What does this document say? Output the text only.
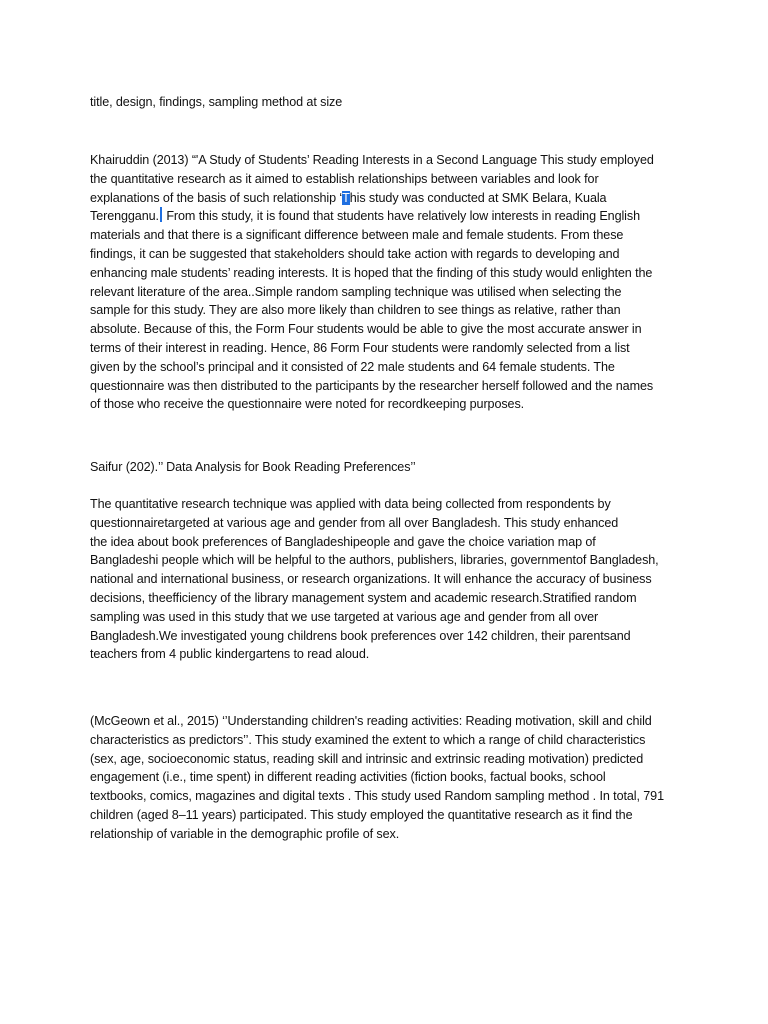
title, design, findings, sampling method at size

Khairuddin (2013) “'A Study of Students’ Reading Interests in a Second Language This study employed
the quantitative research as it aimed to establish relationships between variables and look for
explanations of the basis of such relationship ‘This study was conducted at SMK Belara, Kuala
Terengganu. From this study, it is found that students have relatively low interests in reading English
materials and that there is a significant difference between male and female students. From these
findings, it can be suggested that stakeholders should take action with regards to developing and
enhancing male students’ reading interests. It is hoped that the finding of this study would enlighten the
relevant literature of the area..Simple random sampling technique was utilised when selecting the
sample for this study. They are also more likely than children to see things as relative, rather than
absolute. Because of this, the Form Four students would be able to give the most accurate answer in
terms of their interest in reading. Hence, 86 Form Four students were randomly selected from a list
given by the school’s principal and it consisted of 22 male students and 64 female students. The
questionnaire was then distributed to the participants by the researcher herself followed and the names
of those who receive the questionnaire were noted for recordkeeping purposes.

Saifur (202).’’ Data Analysis for Book Reading Preferences’’

The quantitative research technique was applied with data being collected from respondents by
questionnairetargeted at various age and gender from all over Bangladesh. This study enhanced
the idea about book preferences of Bangladeshipeople and gave the choice variation map of
Bangladeshi people which will be helpful to the authors, publishers, libraries, governmentof Bangladesh,
national and international business, or research organizations. It will enhance the accuracy of business
decisions, theefficiency of the library management system and academic research.Stratified random
sampling was used in this study that we use targeted at various age and gender from all over
Bangladesh.We investigated young childrens book preferences over 142 children, their parentsand
teachers from 4 public kindergartens to read aloud.

(McGeown et al., 2015) ‘’Understanding children's reading activities: Reading motivation, skill and child
characteristics as predictors’’. This study examined the extent to which a range of child characteristics
(sex, age, socioeconomic status, reading skill and intrinsic and extrinsic reading motivation) predicted
engagement (i.e., time spent) in different reading activities (fiction books, factual books, school
textbooks, comics, magazines and digital texts . This study used Random sampling method . In total, 791
children (aged 8–11 years) participated. This study employed the quantitative research as it find the
relationship of variable in the demographic profile of sex.
